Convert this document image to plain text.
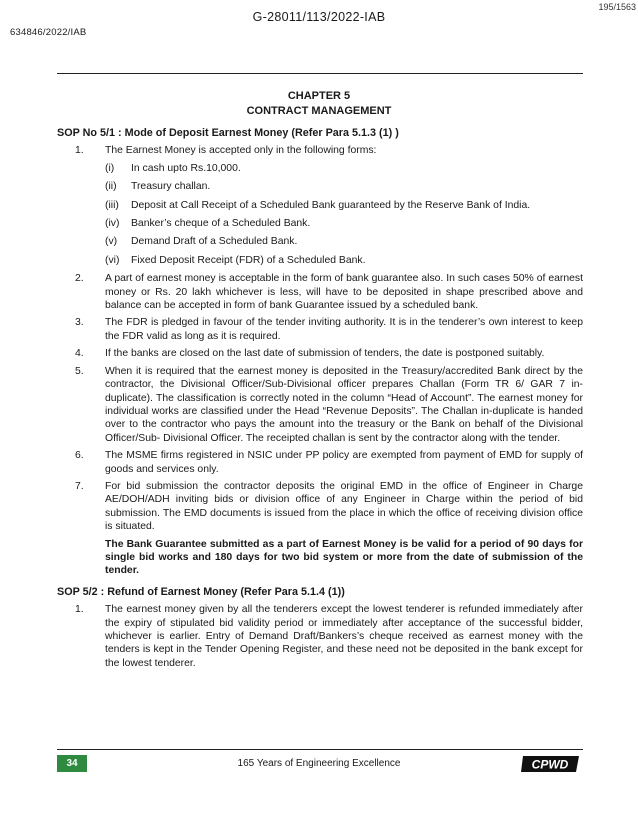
195/1563
G-28011/113/2022-IAB
634846/2022/IAB
CHAPTER 5
CONTRACT MANAGEMENT
SOP No 5/1 : Mode of Deposit Earnest Money (Refer Para 5.1.3 (1) )
1.	The Earnest Money is accepted only in the following forms:
(i)	In cash upto Rs.10,000.
(ii)	Treasury challan.
(iii)	Deposit at Call Receipt of a Scheduled Bank guaranteed by the Reserve Bank of India.
(iv)	Banker’s cheque of a Scheduled Bank.
(v)	Demand Draft of a Scheduled Bank.
(vi)	Fixed Deposit Receipt (FDR) of a Scheduled Bank.
2.	A part of earnest money is acceptable in the form of bank guarantee also. In such cases 50% of earnest money or Rs. 20 lakh whichever is less, will have to be deposited in shape prescribed above and balance can be accepted in form of bank Guarantee issued by a scheduled bank.
3.	The FDR is pledged in favour of the tender inviting authority. It is in the tenderer’s own interest to keep the FDR valid as long as it is required.
4.	If the banks are closed on the last date of submission of tenders, the date is postponed suitably.
5.	When it is required that the earnest money is deposited in the Treasury/accredited Bank direct by the contractor, the Divisional Officer/Sub-Divisional officer prepares Challan (Form TR 6/ GAR 7 in-duplicate). The classification is correctly noted in the column “Head of Account”. The earnest money for individual works are classified under the Head “Revenue Deposits”. The Challan in-duplicate is handed over to the contractor who pays the amount into the treasury or the Bank on behalf of the Divisional Officer/Sub- Divisional Officer. The receipted challan is sent by the contractor along with the tender.
6.	The MSME firms registered in NSIC under PP policy are exempted from payment of EMD for supply of goods and services only.
7.	For bid submission the contractor deposits the original EMD in the office of Engineer in Charge AE/DOH/ADH inviting bids or division office of any Engineer in Charge within the period of bid submission. The EMD documents is issued from the place in which the office of receiving division office is situated.
The Bank Guarantee submitted as a part of Earnest Money is be valid for a period of 90 days for single bid works and 180 days for two bid system or more from the date of submission of the tender.
SOP 5/2 : Refund of Earnest Money (Refer Para 5.1.4 (1))
1.	The earnest money given by all the tenderers except the lowest tenderer is refunded immediately after the expiry of stipulated bid validity period or immediately after acceptance of the successful bidder, whichever is earlier. Entry of Demand Draft/Bankers’s cheque received as earnest money with the tenders is kept in the Tender Opening Register, and these need not be deposited in the bank except for the lowest tenderer.
34	165 Years of Engineering Excellence	CPWD
